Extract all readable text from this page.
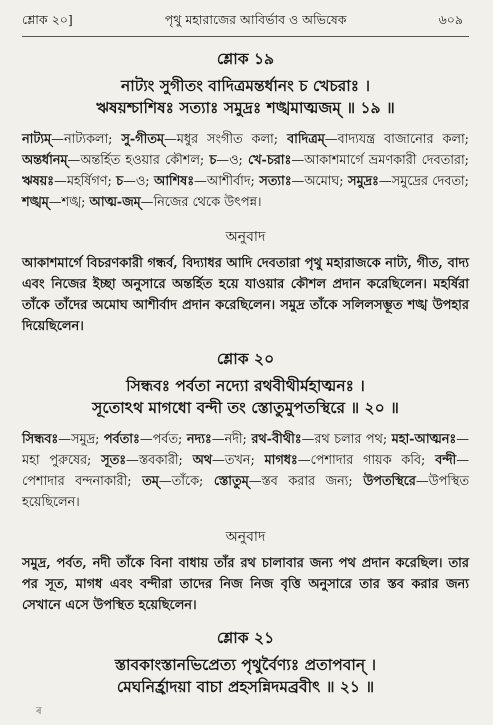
শ্লোক ২০]	পৃথু মহারাজের আবির্ভাব ও অভিষেক	৬০৯
শ্লোক ১৯
নাট্যং সুগীতং বাদিত্রমন্তর্ধানং চ খেচরাঃ ।
ঋষয়শ্চাশিষঃ সত্যাঃ সমুদ্রঃ শঙ্খমাত্মজম্ ॥ ১৯ ॥

নাট্যম্—নাট্যকলা; সু-গীতম্—মধুর সংগীত কলা; বাদিত্রম্—বাদ্যযন্ত্র বাজানোর কলা; অন্তর্ধানম্—অন্তর্হিত হওয়ার কৌশল; চ—ও; খে-চরাঃ—আকাশমার্গে ভ্রমণকারী দেবতারা; ঋষয়ঃ—মহর্ষিগণ; চ—ও; আশিষঃ—আশীর্বাদ; সত্যাঃ—অমোঘ; সমুদ্রঃ—সমুদ্রের দেবতা; শঙ্খম্—শঙ্খ; আত্ম-জম্—নিজের থেকে উৎপন্ন।

অনুবাদ

আকাশমার্গে বিচরণকারী গন্ধর্ব, বিদ্যাধর আদি দেবতারা পৃথু মহারাজকে নাট্য, গীত, বাদ্য এবং নিজের ইচ্ছা অনুসারে অন্তর্হিত হয়ে যাওয়ার কৌশল প্রদান করেছিলেন। মহর্ষিরা তাঁকে তাঁদের অমোঘ আশীর্বাদ প্রদান করেছিলেন। সমুদ্র তাঁকে সলিলসম্ভূত শঙ্খ উপহার দিয়েছিলেন।

শ্লোক ২০
সিন্ধবঃ পর্বতা নদ্যো রথবীথীর্মহাত্মনঃ ।
সূতোঽথ মাগধো বন্দী তং স্তোতুমুপতস্থিরে ॥ ২০ ॥

সিন্ধবঃ—সমুদ্র; পর্বতাঃ—পর্বত; নদ্যঃ—নদী; রথ-বীথীঃ—রথ চলার পথ; মহা-আত্মনঃ—মহা পুরুষের; সূতঃ—স্তবকারী; অথ—তখন; মাগধঃ—পেশাদার গায়ক কবি; বন্দী—পেশাদার বন্দনাকারী; তম্—তাঁকে; স্তোতুম্—স্তব করার জন্য; উপতস্থিরে—উপস্থিত হয়েছিলেন।

অনুবাদ

সমুদ্র, পর্বত, নদী তাঁকে বিনা বাধায় তাঁর রথ চালাবার জন্য পথ প্রদান করেছিল। তার পর সূত, মাগধ এবং বন্দীরা তাদের নিজ নিজ বৃত্তি অনুসারে তার স্তব করার জন্য সেখানে এসে উপস্থিত হয়েছিলেন।

শ্লোক ২১
স্তাবকাংস্তানভিপ্রেত্য পৃথুর্বৈণ্যঃ প্রতাপবান্ ।
মেঘনির্হ্রাদয়া বাচা প্রহসন্নিদমব্রবীৎ ॥ ২১ ॥
ৰ
